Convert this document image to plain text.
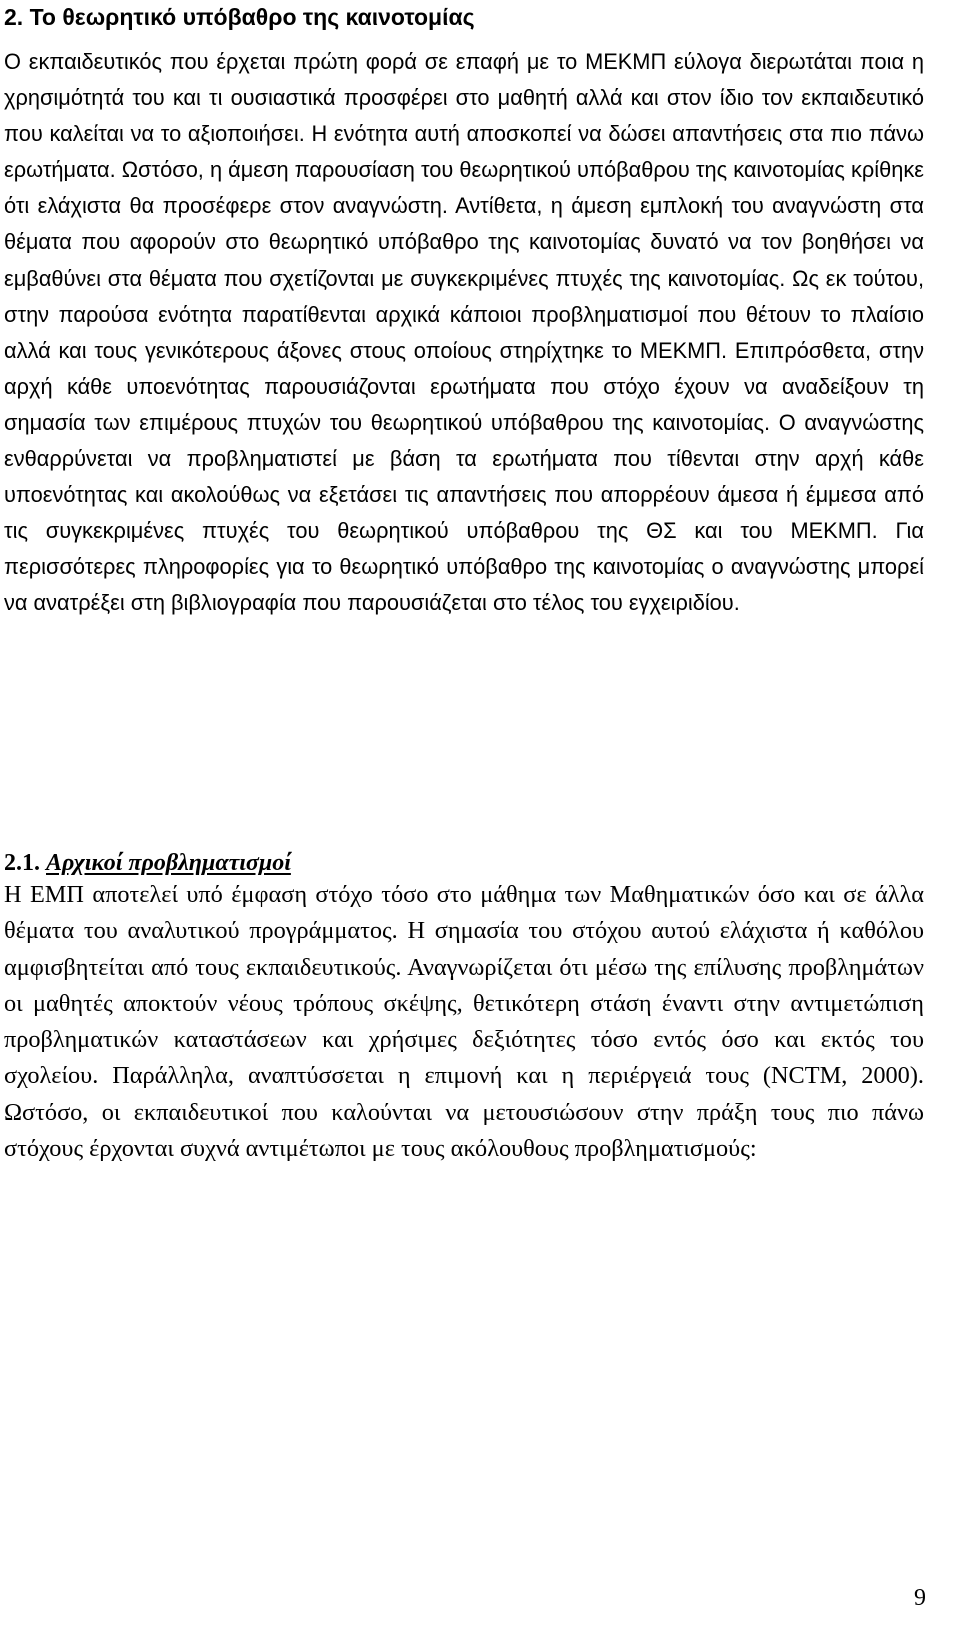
2. Το θεωρητικό υπόβαθρο της καινοτομίας

Ο εκπαιδευτικός που έρχεται πρώτη φορά σε επαφή με το ΜΕΚΜΠ εύλογα διερωτάται ποια η χρησιμότητά του και τι ουσιαστικά προσφέρει στο μαθητή αλλά και στον ίδιο τον εκπαιδευτικό που καλείται να το αξιοποιήσει. Η ενότητα αυτή αποσκοπεί να δώσει απαντήσεις στα πιο πάνω ερωτήματα. Ωστόσο, η άμεση παρουσίαση του θεωρητικού υπόβαθρου της καινοτομίας κρίθηκε ότι ελάχιστα θα προσέφερε στον αναγνώστη. Αντίθετα, η άμεση εμπλοκή του αναγνώστη στα θέματα που αφορούν στο θεωρητικό υπόβαθρο της καινοτομίας δυνατό να τον βοηθήσει να εμβαθύνει στα θέματα που σχετίζονται με συγκεκριμένες πτυχές της καινοτομίας. Ως εκ τούτου, στην παρούσα ενότητα παρατίθενται αρχικά κάποιοι προβληματισμοί που θέτουν το πλαίσιο αλλά και τους γενικότερους άξονες στους οποίους στηρίχτηκε το ΜΕΚΜΠ. Επιπρόσθετα, στην αρχή κάθε υποενότητας παρουσιάζονται ερωτήματα που στόχο έχουν να αναδείξουν τη σημασία των επιμέρους πτυχών του θεωρητικού υπόβαθρου της καινοτομίας. Ο αναγνώστης ενθαρρύνεται να προβληματιστεί με βάση τα ερωτήματα που τίθενται στην αρχή κάθε υποενότητας και ακολούθως να εξετάσει τις απαντήσεις που απορρέουν άμεσα ή έμμεσα από τις συγκεκριμένες πτυχές του θεωρητικού υπόβαθρου της ΘΣ και του ΜΕΚΜΠ. Για περισσότερες πληροφορίες για το θεωρητικό υπόβαθρο της καινοτομίας ο αναγνώστης μπορεί να ανατρέξει στη βιβλιογραφία που παρουσιάζεται στο τέλος του εγχειριδίου.

2.1. Αρχικοί προβληματισμοί

Η ΕΜΠ αποτελεί υπό έμφαση στόχο τόσο στο μάθημα των Μαθηματικών όσο και σε άλλα θέματα του αναλυτικού προγράμματος. Η σημασία του στόχου αυτού ελάχιστα ή καθόλου αμφισβητείται από τους εκπαιδευτικούς. Αναγνωρίζεται ότι μέσω της επίλυσης προβλημάτων οι μαθητές αποκτούν νέους τρόπους σκέψης, θετικότερη στάση έναντι στην αντιμετώπιση προβληματικών καταστάσεων και χρήσιμες δεξιότητες τόσο εντός όσο και εκτός του σχολείου. Παράλληλα, αναπτύσσεται η επιμονή και η περιέργειά τους (NCTM, 2000). Ωστόσο, οι εκπαιδευτικοί που καλούνται να μετουσιώσουν στην πράξη τους πιο πάνω στόχους έρχονται συχνά αντιμέτωποι με τους ακόλουθους προβληματισμούς:

9
